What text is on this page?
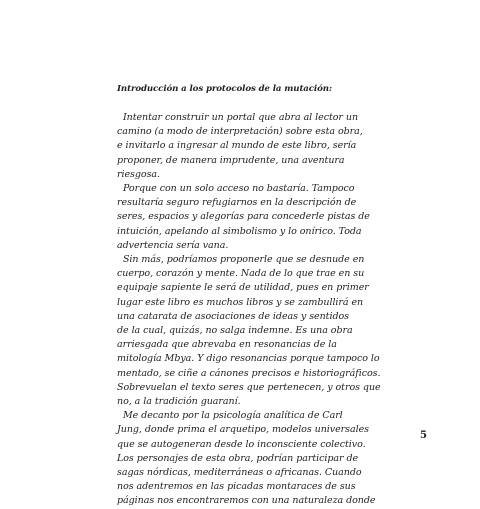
Introducción a los protocolos de la mutación:
Intentar construir un portal que abra al lector un
camino (a modo de interpretación) sobre esta obra,
e invitarlo a ingresar al mundo de este libro, sería
proponer, de manera imprudente, una aventura
riesgosa.
Porque con un solo acceso no bastaría. Tampoco
resultaría seguro refugiarnos en la descripción de
seres, espacios y alegorías para concederle pistas de
intuición, apelando al simbolismo y lo onírico. Toda
advertencia sería vana.
Sin más, podríamos proponerle que se desnude en
cuerpo, corazón y mente. Nada de lo que trae en su
equipaje sapiente le será de utilidad, pues en primer
lugar este libro es muchos libros y se zambullirá en
una catarata de asociaciones de ideas y sentidos
de la cual, quizás, no salga indemne. Es una obra
arriesgada que abrevaba en resonancias de la
mitología Mbya. Y digo resonancias porque tampoco lo
mentado, se ciñe a cánones precisos e historiográficos.
Sobrevuelan el texto seres que pertenecen, y otros que
no, a la tradición guaraní.
Me decanto por la psicología analítica de Carl
Jung, donde prima el arquetipo, modelos universales
que se autogeneran desde lo inconsciente colectivo.
Los personajes de esta obra, podrían participar de
sagas nórdicas, mediterráneas o africanas. Cuando
nos adentremos en las picadas montaraces de sus
páginas nos encontraremos con una naturaleza donde
5
